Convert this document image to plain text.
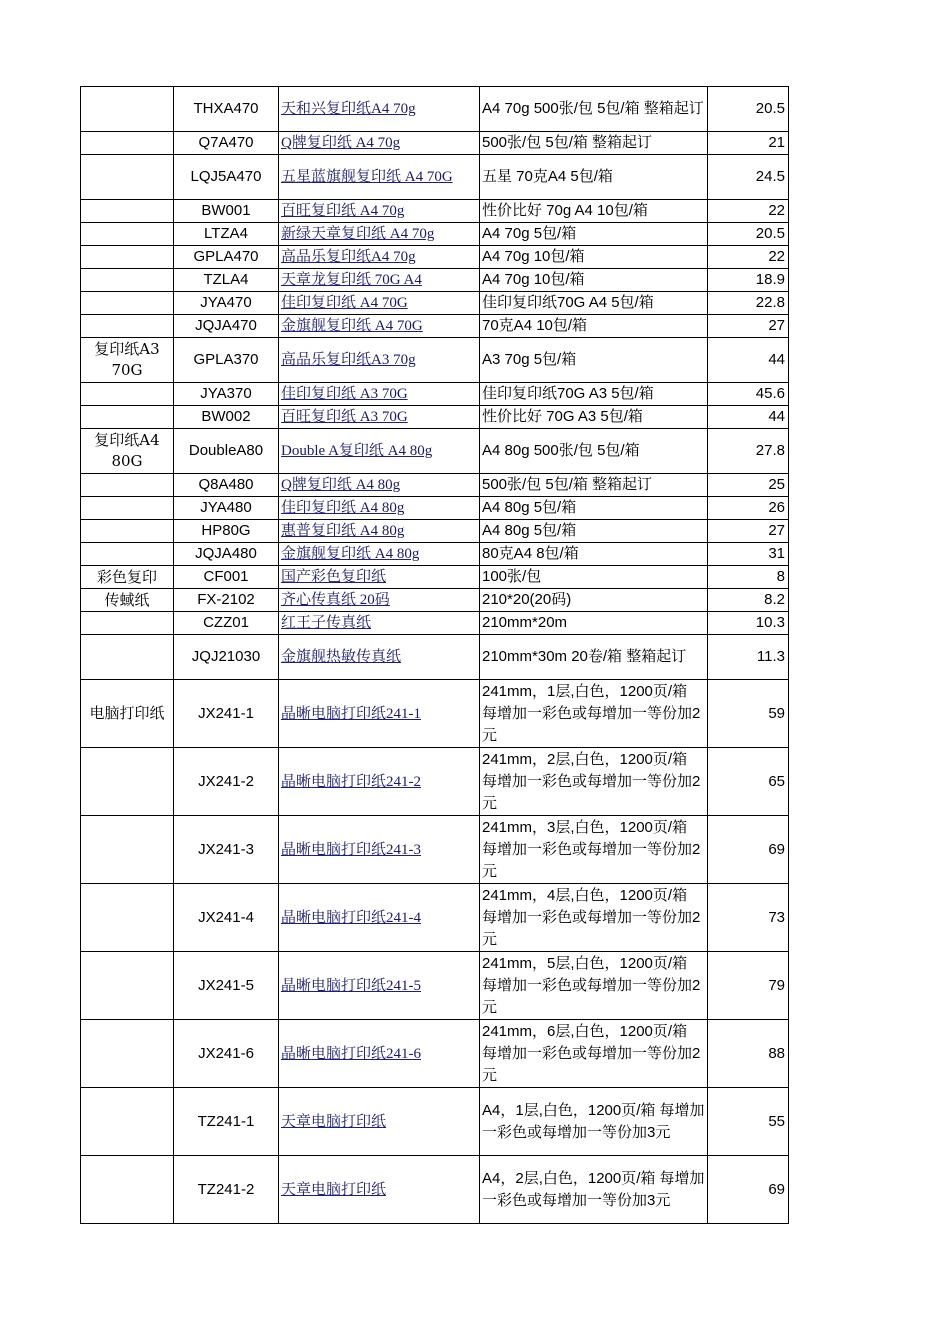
	THXA470	天和兴复印纸A4 70g	A4 70g 500张/包 5包/箱 整箱起订	20.5
	Q7A470	Q牌复印纸 A4 70g	500张/包 5包/箱 整箱起订	21
	LQJ5A470	五星蓝旗舰复印纸 A4 70G	五星 70克A4 5包/箱	24.5
	BW001	百旺复印纸 A4 70g	性价比好 70g A4 10包/箱	22
	LTZA4	新绿天章复印纸 A4 70g	A4 70g 5包/箱	20.5
	GPLA470	高品乐复印纸A4 70g	A4 70g 10包/箱	22
	TZLA4	天章龙复印纸 70G A4	A4 70g 10包/箱	18.9
	JYA470	佳印复印纸 A4 70G	佳印复印纸70G A4 5包/箱	22.8
	JQJA470	金旗舰复印纸 A4 70G	70克A4 10包/箱	27
复印纸A3 70G	GPLA370	高品乐复印纸A3 70g	A3 70g 5包/箱	44
	JYA370	佳印复印纸 A3 70G	佳印复印纸70G A3 5包/箱	45.6
	BW002	百旺复印纸 A3 70G	性价比好 70G A3 5包/箱	44
复印纸A4 80G	DoubleA80	Double A复印纸 A4 80g	A4 80g 500张/包 5包/箱	27.8
	Q8A480	Q牌复印纸 A4 80g	500张/包 5包/箱 整箱起订	25
	JYA480	佳印复印纸 A4 80g	A4 80g 5包/箱	26
	HP80G	惠普复印纸 A4 80g	A4 80g 5包/箱	27
	JQJA480	金旗舰复印纸 A4 80g	80克A4 8包/箱	31
彩色复印	CF001	国产彩色复印纸	100张/包	8
传蜮纸	FX-2102	齐心传真纸 20码	210*20(20码)	8.2
	CZZ01	红王子传真纸	210mm*20m	10.3
	JQJ21030	金旗舰热敏传真纸	210mm*30m 20卷/箱 整箱起订	11.3
电脑打印纸	JX241-1	晶晰电脑打印纸241-1	241mm，1层,白色，1200页/箱 每增加一彩色或每增加一等份加2元	59
	JX241-2	晶晰电脑打印纸241-2	241mm，2层,白色，1200页/箱 每增加一彩色或每增加一等份加2元	65
	JX241-3	晶晰电脑打印纸241-3	241mm，3层,白色，1200页/箱 每增加一彩色或每增加一等份加2元	69
	JX241-4	晶晰电脑打印纸241-4	241mm，4层,白色，1200页/箱 每增加一彩色或每增加一等份加2元	73
	JX241-5	晶晰电脑打印纸241-5	241mm，5层,白色，1200页/箱 每增加一彩色或每增加一等份加2元	79
	JX241-6	晶晰电脑打印纸241-6	241mm，6层,白色，1200页/箱 每增加一彩色或每增加一等份加2元	88
	TZ241-1	天章电脑打印纸	A4，1层,白色，1200页/箱 每增加一彩色或每增加一等份加3元	55
	TZ241-2	天章电脑打印纸	A4，2层,白色，1200页/箱 每增加一彩色或每增加一等份加3元	69
